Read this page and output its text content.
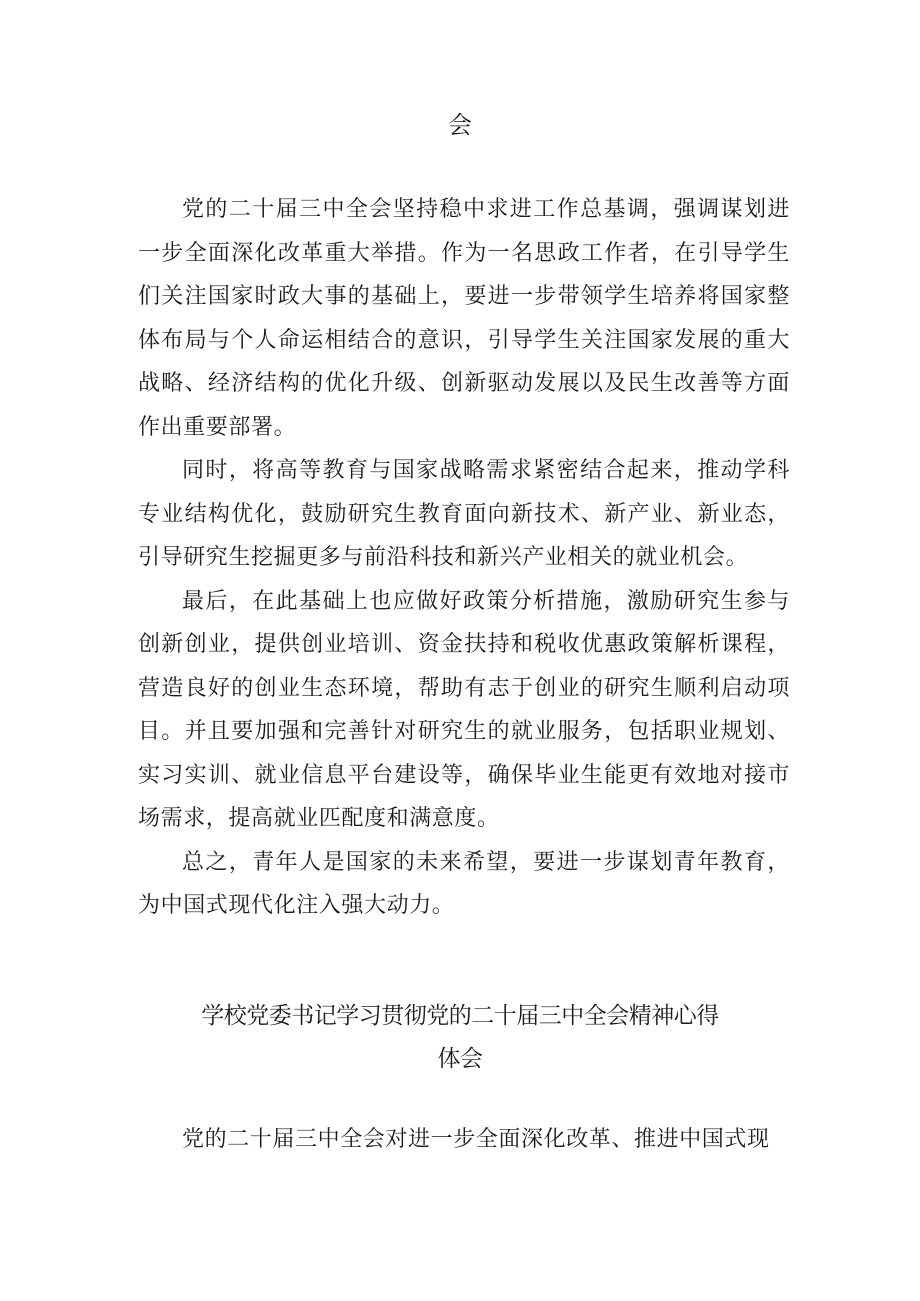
会

党的二十届三中全会坚持稳中求进工作总基调，强调谋划进一步全面深化改革重大举措。作为一名思政工作者，在引导学生们关注国家时政大事的基础上，要进一步带领学生培养将国家整体布局与个人命运相结合的意识，引导学生关注国家发展的重大战略、经济结构的优化升级、创新驱动发展以及民生改善等方面作出重要部署。

同时，将高等教育与国家战略需求紧密结合起来，推动学科专业结构优化，鼓励研究生教育面向新技术、新产业、新业态，引导研究生挖掘更多与前沿科技和新兴产业相关的就业机会。

最后，在此基础上也应做好政策分析措施，激励研究生参与创新创业，提供创业培训、资金扶持和税收优惠政策解析课程，营造良好的创业生态环境，帮助有志于创业的研究生顺利启动项目。并且要加强和完善针对研究生的就业服务，包括职业规划、实习实训、就业信息平台建设等，确保毕业生能更有效地对接市场需求，提高就业匹配度和满意度。

总之，青年人是国家的未来希望，要进一步谋划青年教育，为中国式现代化注入强大动力。

学校党委书记学习贯彻党的二十届三中全会精神心得
体会

党的二十届三中全会对进一步全面深化改革、推进中国式现
